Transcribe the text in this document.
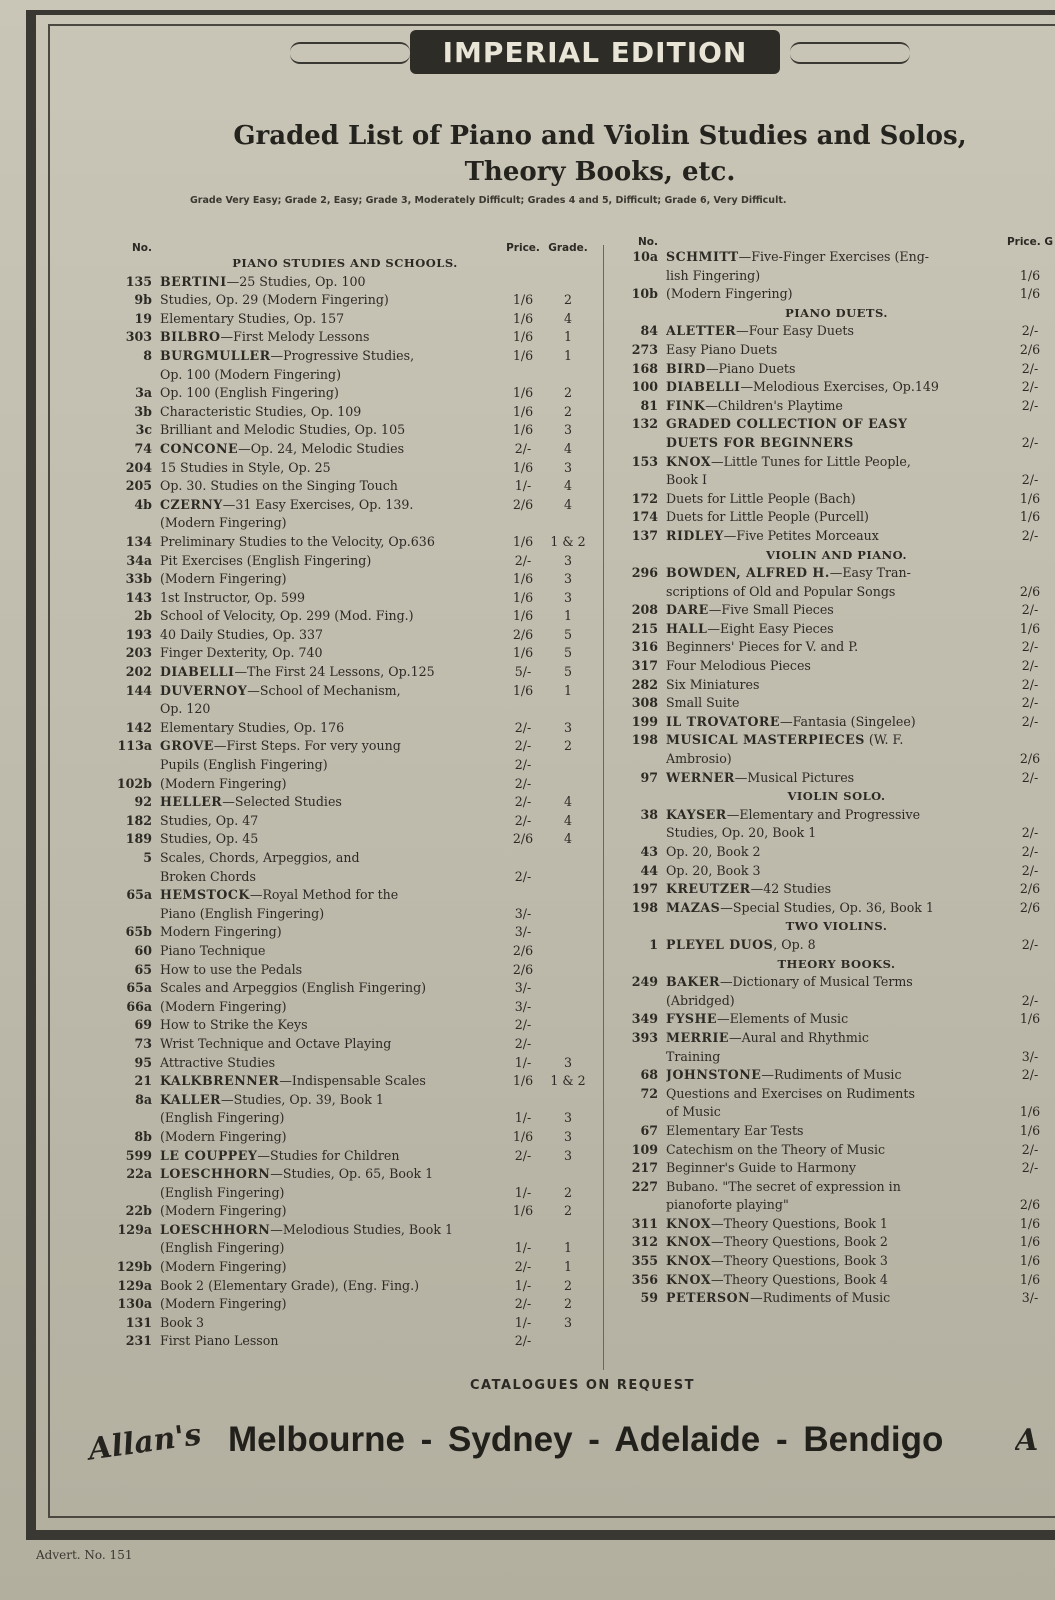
IMPERIAL EDITION
Graded List of Piano and Violin Studies and Solos,
Theory Books, etc.
Grade Very Easy; Grade 2, Easy; Grade 3, Moderately Difficult; Grades 4 and 5, Difficult; Grade 6, Very Difficult.
No.	Price. Grade.
PIANO STUDIES AND SCHOOLS.
135 BERTINI—25 Studies, Op. 100
9b Studies, Op. 29 (Modern Fingering)	1/6	2
19 Elementary Studies, Op. 157	1/6	4
303 BILBRO—First Melody Lessons	1/6	1
8 BURGMULLER—Progressive Studies,	1/6	1
Op. 100 (Modern Fingering)
3a Op. 100 (English Fingering)	1/6	2
3b Characteristic Studies, Op. 109	1/6	2
3c Brilliant and Melodic Studies, Op. 105	1/6	3
74 CONCONE—Op. 24, Melodic Studies	2/-	4
204 15 Studies in Style, Op. 25	1/6	3
205 Op. 30. Studies on the Singing Touch	1/-	4
4b CZERNY—31 Easy Exercises, Op. 139.	2/6	4
(Modern Fingering)
134 Preliminary Studies to the Velocity, Op.636	1/6	1 & 2
34a Pit Exercises (English Fingering)	2/-	3
33b (Modern Fingering)	1/6	3
143 1st Instructor, Op. 599	1/6	3
2b School of Velocity, Op. 299 (Mod. Fing.)	1/6	1
193 40 Daily Studies, Op. 337	2/6	5
203 Finger Dexterity, Op. 740	1/6	5
202 DIABELLI—The First 24 Lessons, Op.125	5/-	5
144 DUVERNOY—School of Mechanism,	1/6	1
Op. 120
142 Elementary Studies, Op. 176	2/-	3
113a GROVE—First Steps. For very young	2/-	2
Pupils (English Fingering)	2/-
102b (Modern Fingering)	2/-
92 HELLER—Selected Studies	2/-	4
182 Studies, Op. 47	2/-	4
189 Studies, Op. 45	2/6	4
5 Scales, Chords, Arpeggios, and
Broken Chords	2/-
65a HEMSTOCK—Royal Method for the
Piano (English Fingering)	3/-
65b Modern Fingering)	3/-
60 Piano Technique	2/6
65 How to use the Pedals	2/6
65a Scales and Arpeggios (English Fingering)	3/-
66a (Modern Fingering)	3/-
69 How to Strike the Keys	2/-
73 Wrist Technique and Octave Playing	2/-
95 Attractive Studies	1/-	3
21 KALKBRENNER—Indispensable Scales	1/6	1 & 2
8a KALLER—Studies, Op. 39, Book 1
(English Fingering)	1/-	3
8b (Modern Fingering)	1/6	3
599 LE COUPPEY—Studies for Children	2/-	3
22a LOESCHHORN—Studies, Op. 65, Book 1
(English Fingering)	1/-	2
22b (Modern Fingering)	1/6	2
129a LOESCHHORN—Melodious Studies, Book 1
(English Fingering)	1/-	1
129b (Modern Fingering)	2/-	1
129a Book 2 (Elementary Grade), (Eng. Fing.)	1/-	2
130a (Modern Fingering)	2/-	2
131 Book 3	1/-	3
231 First Piano Lesson	2/-
No.	Price. G
10a SCHMITT—Five-Finger Exercises (Eng-
lish Fingering)	1/6
10b (Modern Fingering)	1/6
PIANO DUETS.
84 ALETTER—Four Easy Duets	2/-
273 Easy Piano Duets	2/6
168 BIRD—Piano Duets	2/-
100 DIABELLI—Melodious Exercises, Op.149	2/-
81 FINK—Children's Playtime	2/-
132 GRADED COLLECTION OF EASY
DUETS FOR BEGINNERS	2/-
153 KNOX—Little Tunes for Little People,
Book I	2/-
172 Duets for Little People (Bach)	1/6
174 Duets for Little People (Purcell)	1/6
137 RIDLEY—Five Petites Morceaux	2/-
VIOLIN AND PIANO.
296 BOWDEN, ALFRED H.—Easy Tran-
scriptions of Old and Popular Songs	2/6
208 DARE—Five Small Pieces	2/-
215 HALL—Eight Easy Pieces	1/6
316 Beginners' Pieces for V. and P.	2/-
317 Four Melodious Pieces	2/-
282 Six Miniatures	2/-
308 Small Suite	2/-
199 IL TROVATORE—Fantasia (Singelee)	2/-
198 MUSICAL MASTERPIECES (W. F.
Ambrosio)	2/6
97 WERNER—Musical Pictures	2/-
VIOLIN SOLO.
38 KAYSER—Elementary and Progressive
Studies, Op. 20, Book 1	2/-
43 Op. 20, Book 2	2/-
44 Op. 20, Book 3	2/-
197 KREUTZER—42 Studies	2/6
198 MAZAS—Special Studies, Op. 36, Book 1	2/6
TWO VIOLINS.
1 PLEYEL DUOS, Op. 8	2/-
THEORY BOOKS.
249 BAKER—Dictionary of Musical Terms
(Abridged)	2/-
349 FYSHE—Elements of Music	1/6
393 MERRIE—Aural and Rhythmic
Training	3/-
68 JOHNSTONE—Rudiments of Music	2/-
72 Questions and Exercises on Rudiments
of Music	1/6
67 Elementary Ear Tests	1/6
109 Catechism on the Theory of Music	2/-
217 Beginner's Guide to Harmony	2/-
227 Bubano. "The secret of expression in
pianoforte playing"	2/6
311 KNOX—Theory Questions, Book 1	1/6
312 KNOX—Theory Questions, Book 2	1/6
355 KNOX—Theory Questions, Book 3	1/6
356 KNOX—Theory Questions, Book 4	1/6
59 PETERSON—Rudiments of Music	3/-
CATALOGUES ON REQUEST
Allan's Melbourne - Sydney - Adelaide - Bendigo	A
Advert. No. 151
